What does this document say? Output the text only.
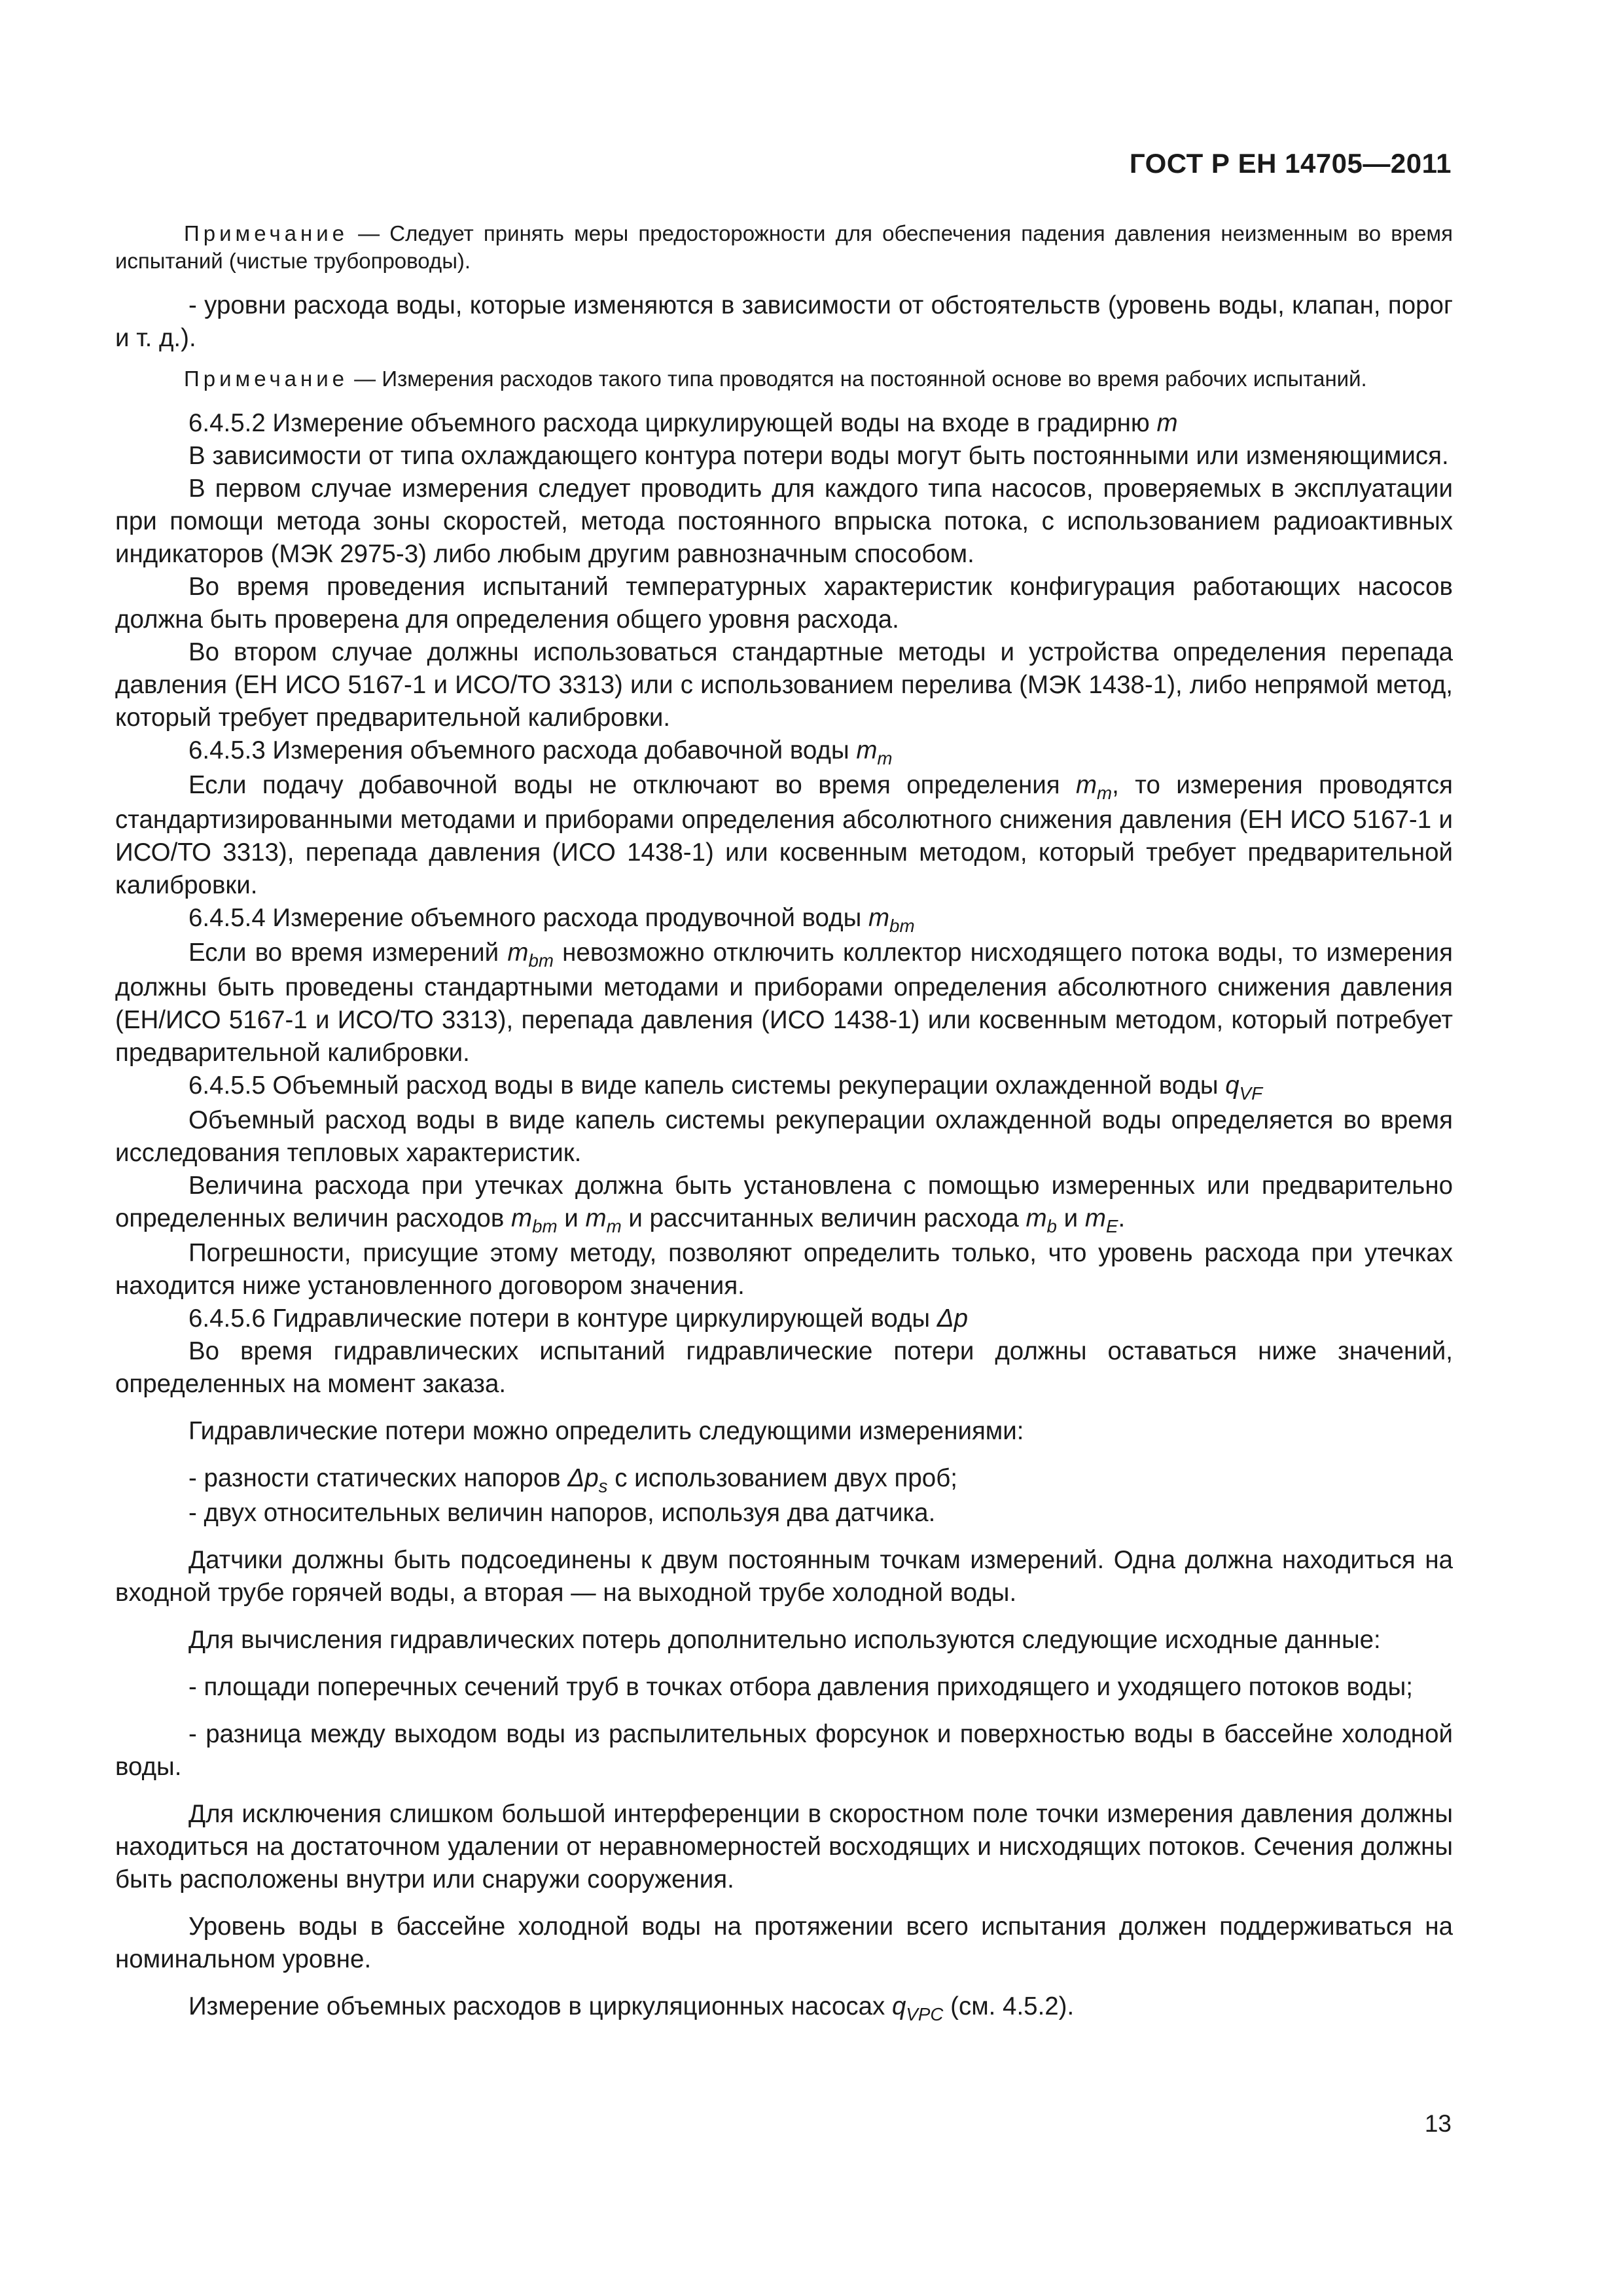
ГОСТ Р ЕН 14705—2011

Примечание — Следует принять меры предосторожности для обеспечения падения давления неизменным во время испытаний (чистые трубопроводы).

- уровни расхода воды, которые изменяются в зависимости от обстоятельств (уровень воды, клапан, порог и т. д.).

Примечание — Измерения расходов такого типа проводятся на постоянной основе во время рабочих испытаний.

6.4.5.2 Измерение объемного расхода циркулирующей воды на входе в градирню m

В зависимости от типа охлаждающего контура потери воды могут быть постоянными или изменяющимися.

В первом случае измерения следует проводить для каждого типа насосов, проверяемых в эксплуатации при помощи метода зоны скоростей, метода постоянного впрыска потока, с использованием радиоактивных индикаторов (МЭК 2975-3) либо любым другим равнозначным способом.

Во время проведения испытаний температурных характеристик конфигурация работающих насосов должна быть проверена для определения общего уровня расхода.

Во втором случае должны использоваться стандартные методы и устройства определения перепада давления (ЕН ИСО 5167-1 и ИСО/ТО 3313) или с использованием перелива (МЭК 1438-1), либо непрямой метод, который требует предварительной калибровки.

6.4.5.3 Измерения объемного расхода добавочной воды $m_m$

Если подачу добавочной воды не отключают во время определения $m_m$, то измерения проводятся стандартизированными методами и приборами определения абсолютного снижения давления (ЕН ИСО 5167-1 и ИСО/ТО 3313), перепада давления (ИСО 1438-1) или косвенным методом, который требует предварительной калибровки.

6.4.5.4 Измерение объемного расхода продувочной воды $m_{bm}$

Если во время измерений $m_{bm}$ невозможно отключить коллектор нисходящего потока воды, то измерения должны быть проведены стандартными методами и приборами определения абсолютного снижения давления (ЕН/ИСО 5167-1 и ИСО/ТО 3313), перепада давления (ИСО 1438-1) или косвенным методом, который потребует предварительной калибровки.

6.4.5.5 Объемный расход воды в виде капель системы рекуперации охлажденной воды $q_{VF}$

Объемный расход воды в виде капель системы рекуперации охлажденной воды определяется во время исследования тепловых характеристик.

Величина расхода при утечках должна быть установлена с помощью измеренных или предварительно определенных величин расходов $m_{bm}$ и $m_m$ и рассчитанных величин расхода $m_b$ и $m_E$.

Погрешности, присущие этому методу, позволяют определить только, что уровень расхода при утечках находится ниже установленного договором значения.

6.4.5.6 Гидравлические потери в контуре циркулирующей воды Δp

Во время гидравлических испытаний гидравлические потери должны оставаться ниже значений, определенных на момент заказа.

Гидравлические потери можно определить следующими измерениями:

- разности статических напоров $\Delta p_s$ с использованием двух проб;

- двух относительных величин напоров, используя два датчика.

Датчики должны быть подсоединены к двум постоянным точкам измерений. Одна должна находиться на входной трубе горячей воды, а вторая — на выходной трубе холодной воды.

Для вычисления гидравлических потерь дополнительно используются следующие исходные данные:

- площади поперечных сечений труб в точках отбора давления приходящего и уходящего потоков воды;

- разница между выходом воды из распылительных форсунок и поверхностью воды в бассейне холодной воды.

Для исключения слишком большой интерференции в скоростном поле точки измерения давления должны находиться на достаточном удалении от неравномерностей восходящих и нисходящих потоков. Сечения должны быть расположены внутри или снаружи сооружения.

Уровень воды в бассейне холодной воды на протяжении всего испытания должен поддерживаться на номинальном уровне.

Измерение объемных расходов в циркуляционных насосах $q_{VPC}$ (см. 4.5.2).

13
